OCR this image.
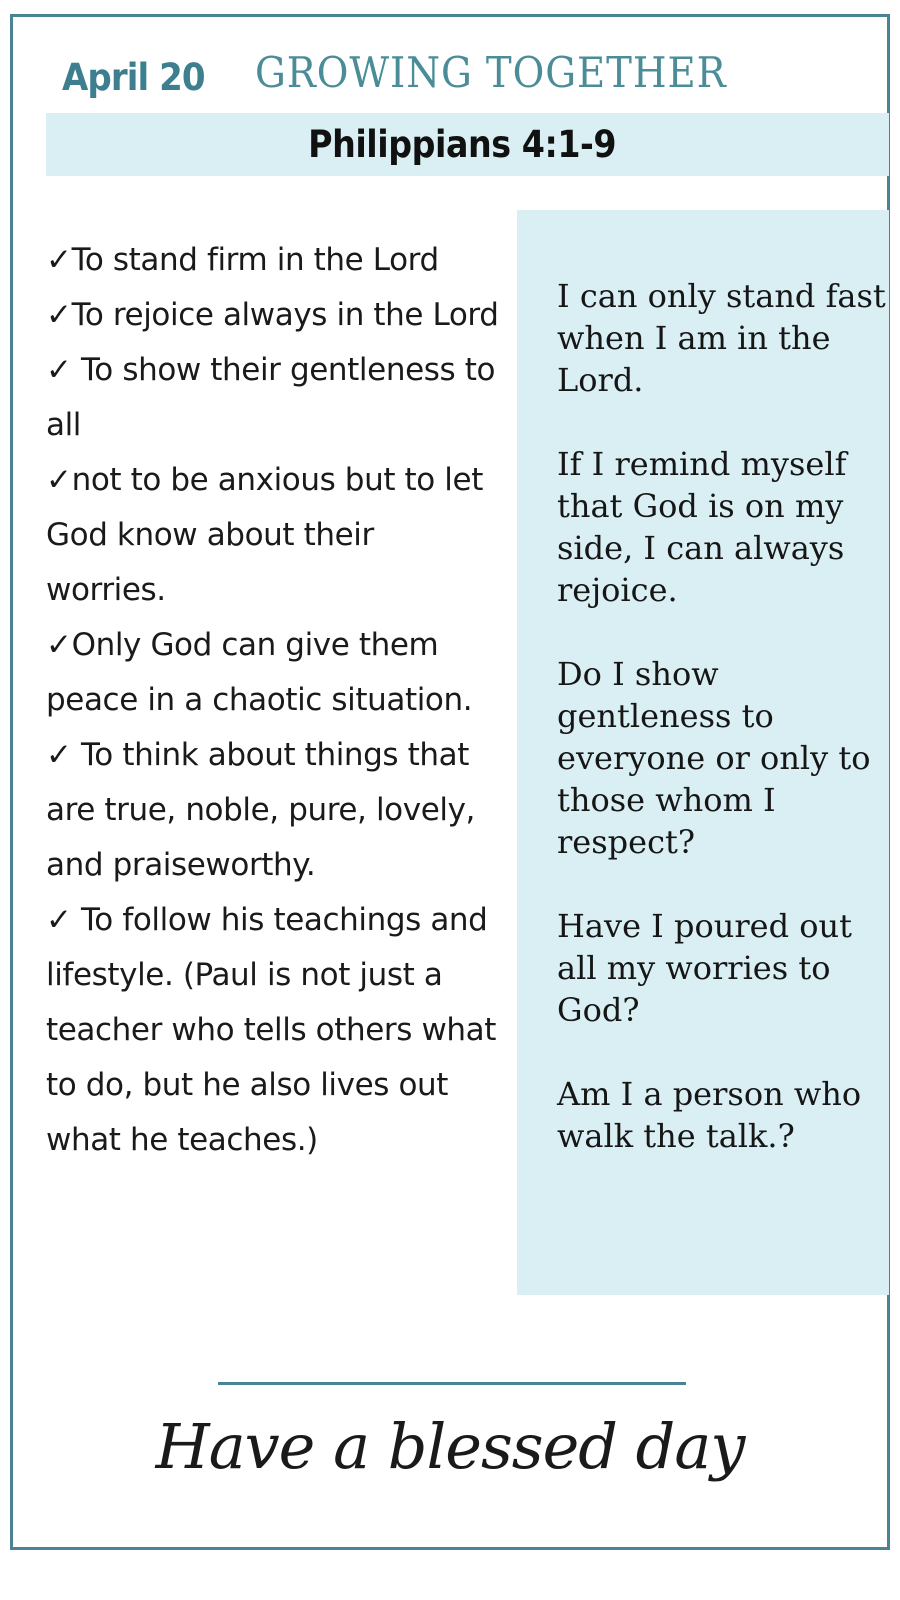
April 20 GROWING TOGETHER
Philippians 4:1-9
✓To stand firm in the Lord
✓To rejoice always in the Lord
✓ To show their gentleness to all
✓not to be anxious but to let God know about their worries.
✓Only God can give them peace in a chaotic situation.
✓ To think about things that are true, noble, pure, lovely, and praiseworthy.
✓ To follow his teachings and lifestyle. (Paul is not just a teacher who tells others what to do, but he also lives out what he teaches.)
I can only stand fast when I am in the Lord.
If I remind myself that God is on my side, I can always rejoice.
Do I show gentleness to everyone or only to those whom I respect?
Have I poured out all my worries to God?
Am I a person who walk the talk.?
Have a blessed day
